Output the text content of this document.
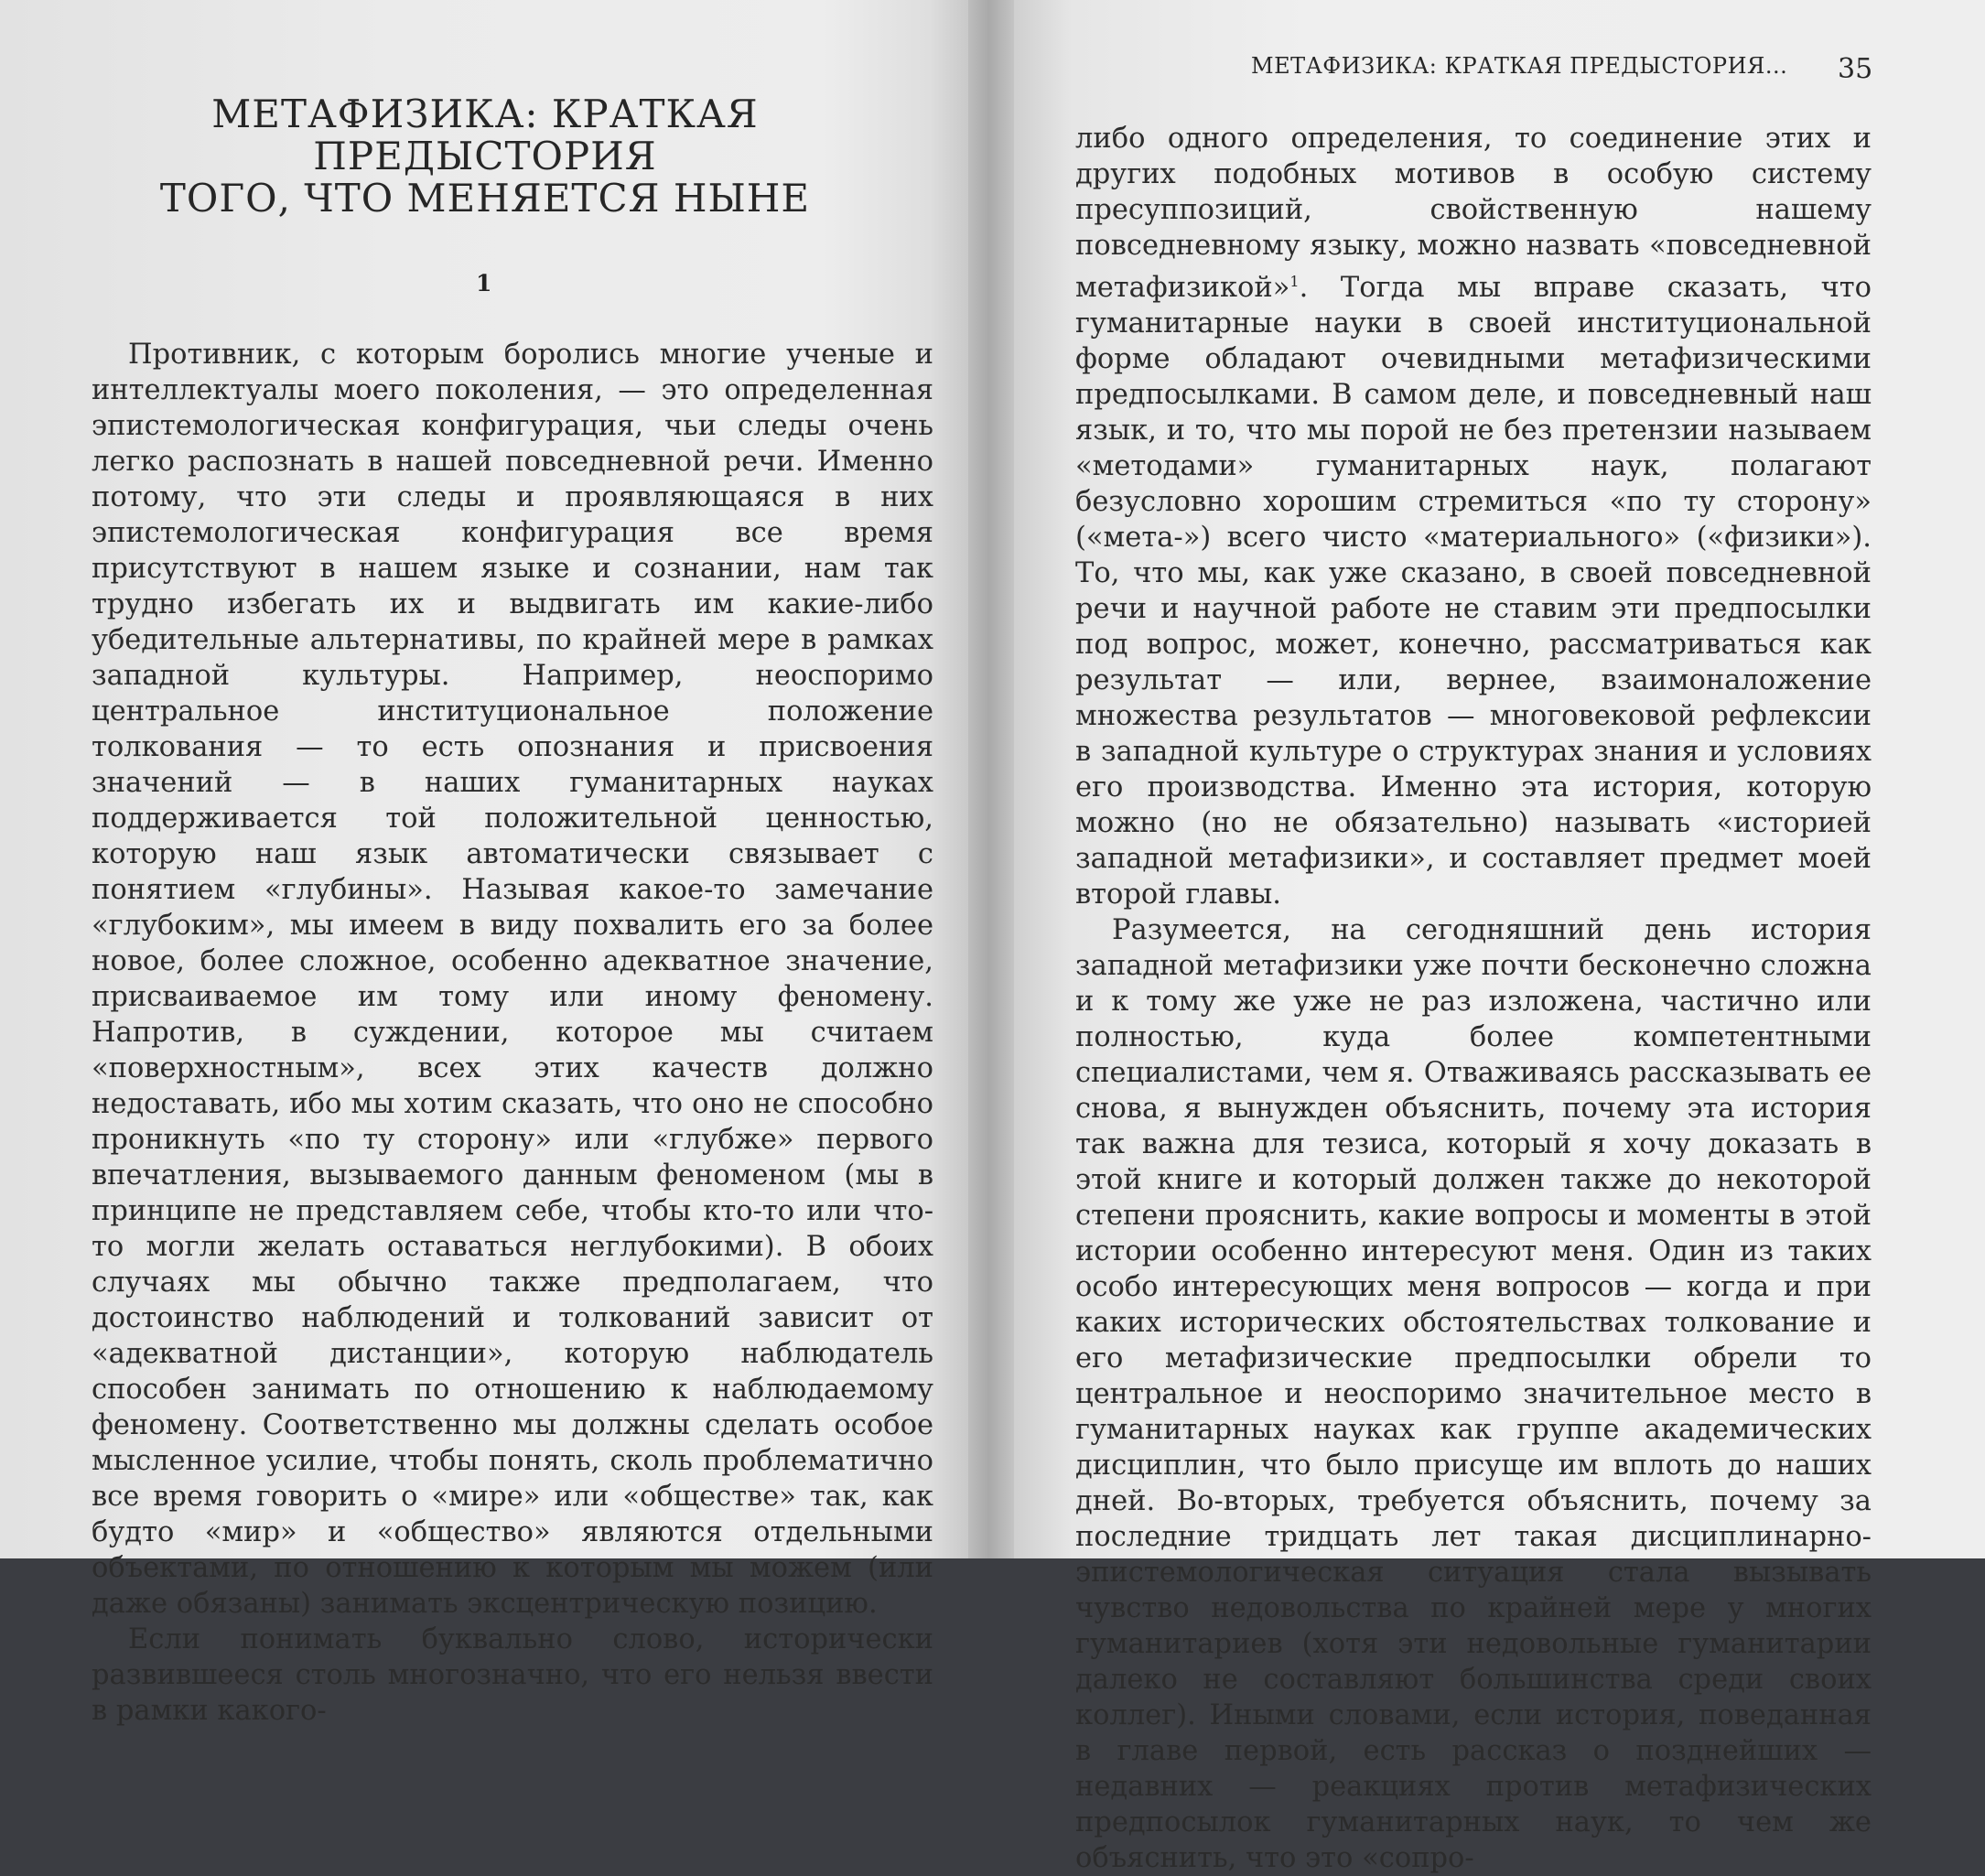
МЕТАФИЗИКА: КРАТКАЯ ПРЕДЫСТОРИЯ
ТОГО, ЧТО МЕНЯЕТСЯ НЫНЕ
1

Противник, с которым боролись многие ученые и интеллектуалы моего поколения, — это определенная эпистемологическая конфигурация, чьи следы очень легко распознать в нашей повседневной речи. Именно потому, что эти следы и проявляющаяся в них эпистемологическая конфигурация все время присутствуют в нашем языке и сознании, нам так трудно избегать их и выдвигать им какие-либо убедительные альтернативы, по крайней мере в рамках западной культуры. Например, неоспоримо центральное институциональное положение толкования — то есть опознания и присвоения значений — в наших гуманитарных науках поддерживается той положительной ценностью, которую наш язык автоматически связывает с понятием «глубины». Называя какое-то замечание «глубоким», мы имеем в виду похвалить его за более новое, более сложное, особенно адекватное значение, присваиваемое им тому или иному феномену. Напротив, в суждении, которое мы считаем «поверхностным», всех этих качеств должно недоставать, ибо мы хотим сказать, что оно не способно проникнуть «по ту сторону» или «глубже» первого впечатления, вызываемого данным феноменом (мы в принципе не представляем себе, чтобы кто-то или что-то могли желать оставаться неглубокими). В обоих случаях мы обычно также предполагаем, что достоинство наблюдений и толкований зависит от «адекватной дистанции», которую наблюдатель способен занимать по отношению к наблюдаемому феномену. Соответственно мы должны сделать особое мысленное усилие, чтобы понять, сколь проблематично все время говорить о «мире» или «обществе» так, как будто «мир» и «общество» являются отдельными объектами, по отношению к которым мы можем (или даже обязаны) занимать эксцентрическую позицию.

Если понимать буквально слово, исторически развившееся столь многозначно, что его нельзя ввести в рамки какого-

МЕТАФИЗИКА: КРАТКАЯ ПРЕДЫСТОРИЯ... 35

либо одного определения, то соединение этих и других подобных мотивов в особую систему пресуппозиций, свойственную нашему повседневному языку, можно назвать «повседневной метафизикой»$^1$. Тогда мы вправе сказать, что гуманитарные науки в своей институциональной форме обладают очевидными метафизическими предпосылками. В самом деле, и повседневный наш язык, и то, что мы порой не без претензии называем «методами» гуманитарных наук, полагают безусловно хорошим стремиться «по ту сторону» («мета-») всего чисто «материального» («физики»). То, что мы, как уже сказано, в своей повседневной речи и научной работе не ставим эти предпосылки под вопрос, может, конечно, рассматриваться как результат — или, вернее, взаимоналожение множества результатов — многовековой рефлексии в западной культуре о структурах знания и условиях его производства. Именно эта история, которую можно (но не обязательно) называть «историей западной метафизики», и составляет предмет моей второй главы.

Разумеется, на сегодняшний день история западной метафизики уже почти бесконечно сложна и к тому же уже не раз изложена, частично или полностью, куда более компетентными специалистами, чем я. Отваживаясь рассказывать ее снова, я вынужден объяснить, почему эта история так важна для тезиса, который я хочу доказать в этой книге и который должен также до некоторой степени прояснить, какие вопросы и моменты в этой истории особенно интересуют меня. Один из таких особо интересующих меня вопросов — когда и при каких исторических обстоятельствах толкование и его метафизические предпосылки обрели то центральное и неоспоримо значительное место в гуманитарных науках как группе академических дисциплин, что было присуще им вплоть до наших дней. Во-вторых, требуется объяснить, почему за последние тридцать лет такая дисциплинарно-эпистемологическая ситуация стала вызывать чувство недовольства по крайней мере у многих гуманитариев (хотя эти недовольные гуманитарии далеко не составляют большинства среди своих коллег). Иными словами, если история, поведанная в главе первой, есть рассказ о позднейших — недавних — реакциях против метафизических предпосылок гуманитарных наук, то чем же объяснить, что это «сопро-
